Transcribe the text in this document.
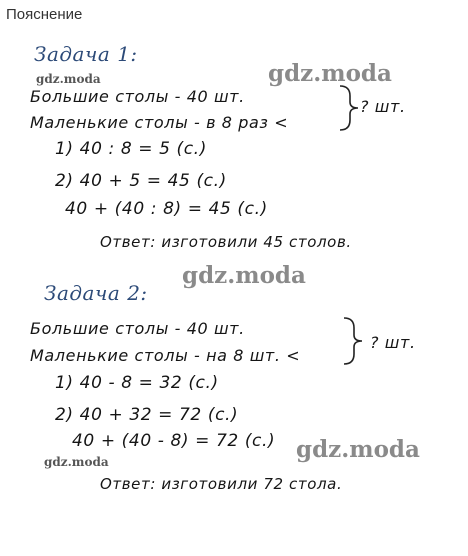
Пояснение
Задача 1:
gdz.moda	gdz.moda
Большие столы - 40 шт.
Маленькие столы - в 8 раз <
? шт.
1) 40 : 8 = 5 (с.)
2) 40 + 5 = 45 (с.)
40 + (40 : 8) = 45 (с.)
Ответ: изготовили 45 столов.
gdz.moda
Задача 2:
Большие столы - 40 шт.
Маленькие столы - на 8 шт. <
? шт.
1) 40 - 8 = 32 (с.)
2) 40 + 32 = 72 (с.)
40 + (40 - 8) = 72 (с.) gdz.moda
gdz.moda
Ответ: изготовили 72 стола.
